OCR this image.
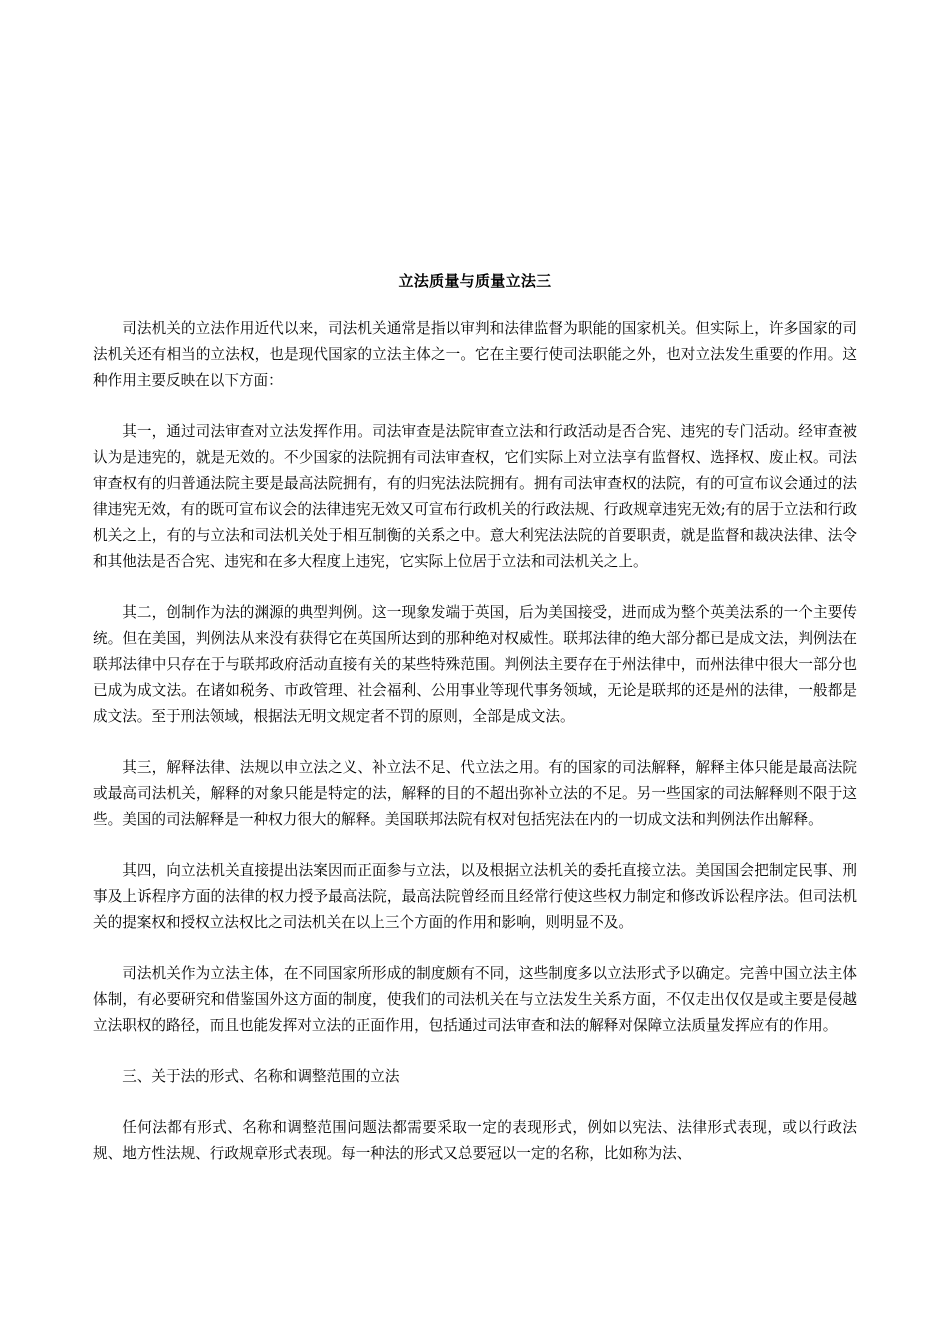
立法质量与质量立法三

司法机关的立法作用近代以来，司法机关通常是指以审判和法律监督为职能的国家机关。但实际上，许多国家的司法机关还有相当的立法权，也是现代国家的立法主体之一。它在主要行使司法职能之外，也对立法发生重要的作用。这种作用主要反映在以下方面：

其一，通过司法审查对立法发挥作用。司法审查是法院审查立法和行政活动是否合宪、违宪的专门活动。经审查被认为是违宪的，就是无效的。不少国家的法院拥有司法审查权，它们实际上对立法享有监督权、选择权、废止权。司法审查权有的归普通法院主要是最高法院拥有，有的归宪法法院拥有。拥有司法审查权的法院，有的可宣布议会通过的法律违宪无效，有的既可宣布议会的法律违宪无效又可宣布行政机关的行政法规、行政规章违宪无效;有的居于立法和行政机关之上，有的与立法和司法机关处于相互制衡的关系之中。意大利宪法法院的首要职责，就是监督和裁决法律、法令和其他法是否合宪、违宪和在多大程度上违宪，它实际上位居于立法和司法机关之上。

其二，创制作为法的渊源的典型判例。这一现象发端于英国，后为美国接受，进而成为整个英美法系的一个主要传统。但在美国，判例法从来没有获得它在英国所达到的那种绝对权威性。联邦法律的绝大部分都已是成文法，判例法在联邦法律中只存在于与联邦政府活动直接有关的某些特殊范围。判例法主要存在于州法律中，而州法律中很大一部分也已成为成文法。在诸如税务、市政管理、社会福利、公用事业等现代事务领域，无论是联邦的还是州的法律，一般都是成文法。至于刑法领域，根据法无明文规定者不罚的原则，全部是成文法。

其三，解释法律、法规以申立法之义、补立法不足、代立法之用。有的国家的司法解释，解释主体只能是最高法院或最高司法机关，解释的对象只能是特定的法，解释的目的不超出弥补立法的不足。另一些国家的司法解释则不限于这些。美国的司法解释是一种权力很大的解释。美国联邦法院有权对包括宪法在内的一切成文法和判例法作出解释。

其四，向立法机关直接提出法案因而正面参与立法，以及根据立法机关的委托直接立法。美国国会把制定民事、刑事及上诉程序方面的法律的权力授予最高法院，最高法院曾经而且经常行使这些权力制定和修改诉讼程序法。但司法机关的提案权和授权立法权比之司法机关在以上三个方面的作用和影响，则明显不及。

司法机关作为立法主体，在不同国家所形成的制度颇有不同，这些制度多以立法形式予以确定。完善中国立法主体体制，有必要研究和借鉴国外这方面的制度，使我们的司法机关在与立法发生关系方面，不仅走出仅仅是或主要是侵越立法职权的路径，而且也能发挥对立法的正面作用，包括通过司法审查和法的解释对保障立法质量发挥应有的作用。

三、关于法的形式、名称和调整范围的立法

任何法都有形式、名称和调整范围问题法都需要采取一定的表现形式，例如以宪法、法律形式表现，或以行政法规、地方性法规、行政规章形式表现。每一种法的形式又总要冠以一定的名称，比如称为法、
